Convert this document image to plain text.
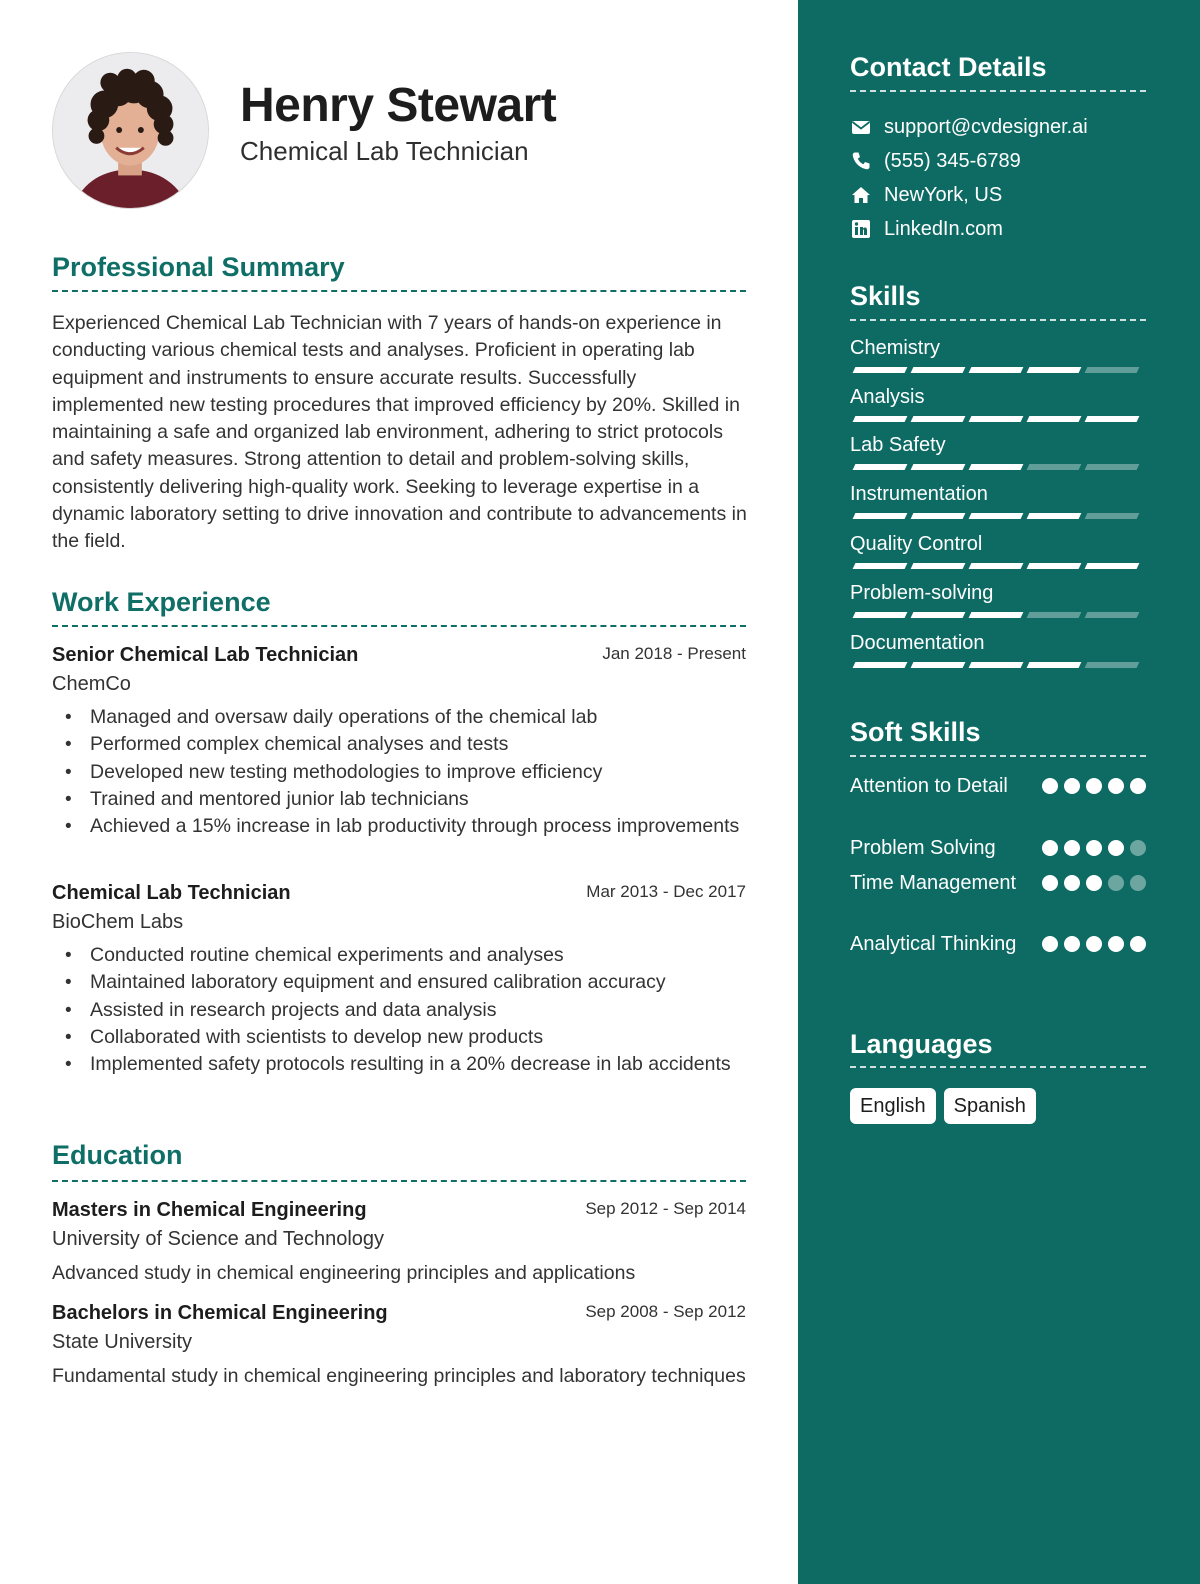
Henry Stewart
Chemical Lab Technician
Professional Summary
Experienced Chemical Lab Technician with 7 years of hands-on experience in conducting various chemical tests and analyses. Proficient in operating lab equipment and instruments to ensure accurate results. Successfully implemented new testing procedures that improved efficiency by 20%. Skilled in maintaining a safe and organized lab environment, adhering to strict protocols and safety measures. Strong attention to detail and problem-solving skills, consistently delivering high-quality work. Seeking to leverage expertise in a dynamic laboratory setting to drive innovation and contribute to advancements in the field.
Work Experience
Senior Chemical Lab Technician	Jan 2018 - Present
ChemCo
• Managed and oversaw daily operations of the chemical lab
• Performed complex chemical analyses and tests
• Developed new testing methodologies to improve efficiency
• Trained and mentored junior lab technicians
• Achieved a 15% increase in lab productivity through process improvements
Chemical Lab Technician	Mar 2013 - Dec 2017
BioChem Labs
• Conducted routine chemical experiments and analyses
• Maintained laboratory equipment and ensured calibration accuracy
• Assisted in research projects and data analysis
• Collaborated with scientists to develop new products
• Implemented safety protocols resulting in a 20% decrease in lab accidents
Education
Masters in Chemical Engineering	Sep 2012 - Sep 2014
University of Science and Technology
Advanced study in chemical engineering principles and applications
Bachelors in Chemical Engineering	Sep 2008 - Sep 2012
State University
Fundamental study in chemical engineering principles and laboratory techniques
Contact Details
support@cvdesigner.ai
(555) 345-6789
NewYork, US
LinkedIn.com
Skills
Chemistry
Analysis
Lab Safety
Instrumentation
Quality Control
Problem-solving
Documentation
Soft Skills
Attention to Detail
Problem Solving
Time Management
Analytical Thinking
Languages
English	Spanish
